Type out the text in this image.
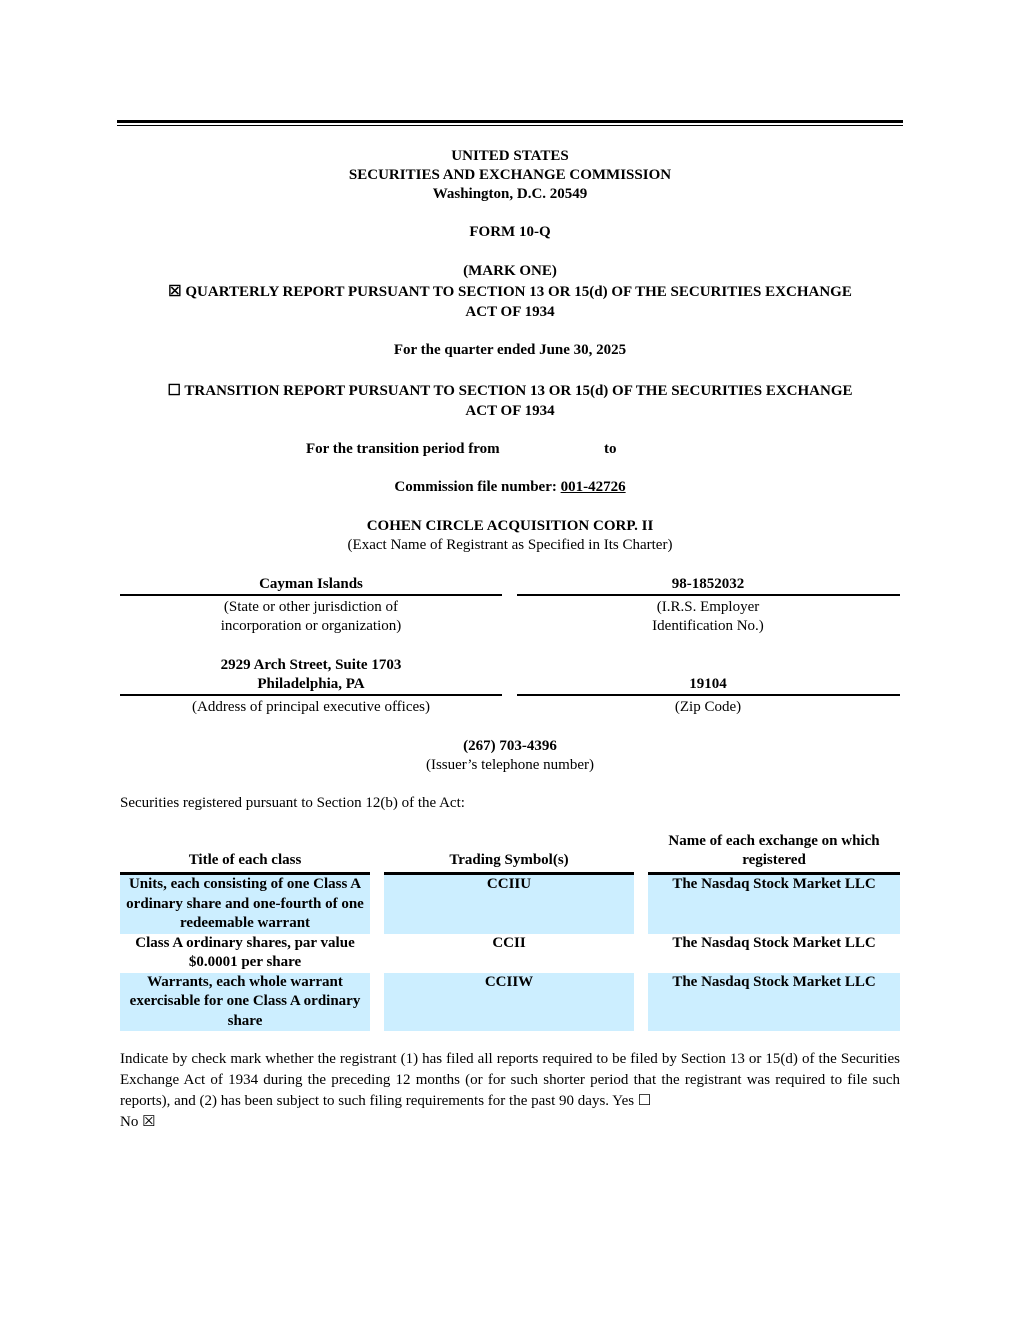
UNITED STATES
SECURITIES AND EXCHANGE COMMISSION
Washington, D.C. 20549
FORM 10-Q
(MARK ONE)
☒ QUARTERLY REPORT PURSUANT TO SECTION 13 OR 15(d) OF THE SECURITIES EXCHANGE
ACT OF 1934
For the quarter ended June 30, 2025
☐ TRANSITION REPORT PURSUANT TO SECTION 13 OR 15(d) OF THE SECURITIES EXCHANGE
ACT OF 1934
For the transition period from	to
Commission file number: 001-42726
COHEN CIRCLE ACQUISITION CORP. II
(Exact Name of Registrant as Specified in Its Charter)
Cayman Islands	98-1852032
(State or other jurisdiction of
incorporation or organization)
(I.R.S. Employer
Identification No.)
2929 Arch Street, Suite 1703
Philadelphia, PA	19104
(Address of principal executive offices)	(Zip Code)
(267) 703-4396
(Issuer’s telephone number)
Securities registered pursuant to Section 12(b) of the Act:
Title of each class		Trading Symbol(s)		Name of each exchange on which
registered

Units, each consisting of one Class A ordinary share and one-fourth of one redeemable warrant		CCIIU		The Nasdaq Stock Market LLC
Class A ordinary shares, par value $0.0001 per share		CCII		The Nasdaq Stock Market LLC
Warrants, each whole warrant exercisable for one Class A ordinary share		CCIIW		The Nasdaq Stock Market LLC
Indicate by check mark whether the registrant (1) has filed all reports required to be filed by Section 13 or 15(d) of the Securities Exchange Act of 1934 during the preceding 12 months (or for such shorter period that the registrant was required to file such reports), and (2) has been subject to such filing requirements for the past 90 days. Yes ☐
No ☒
